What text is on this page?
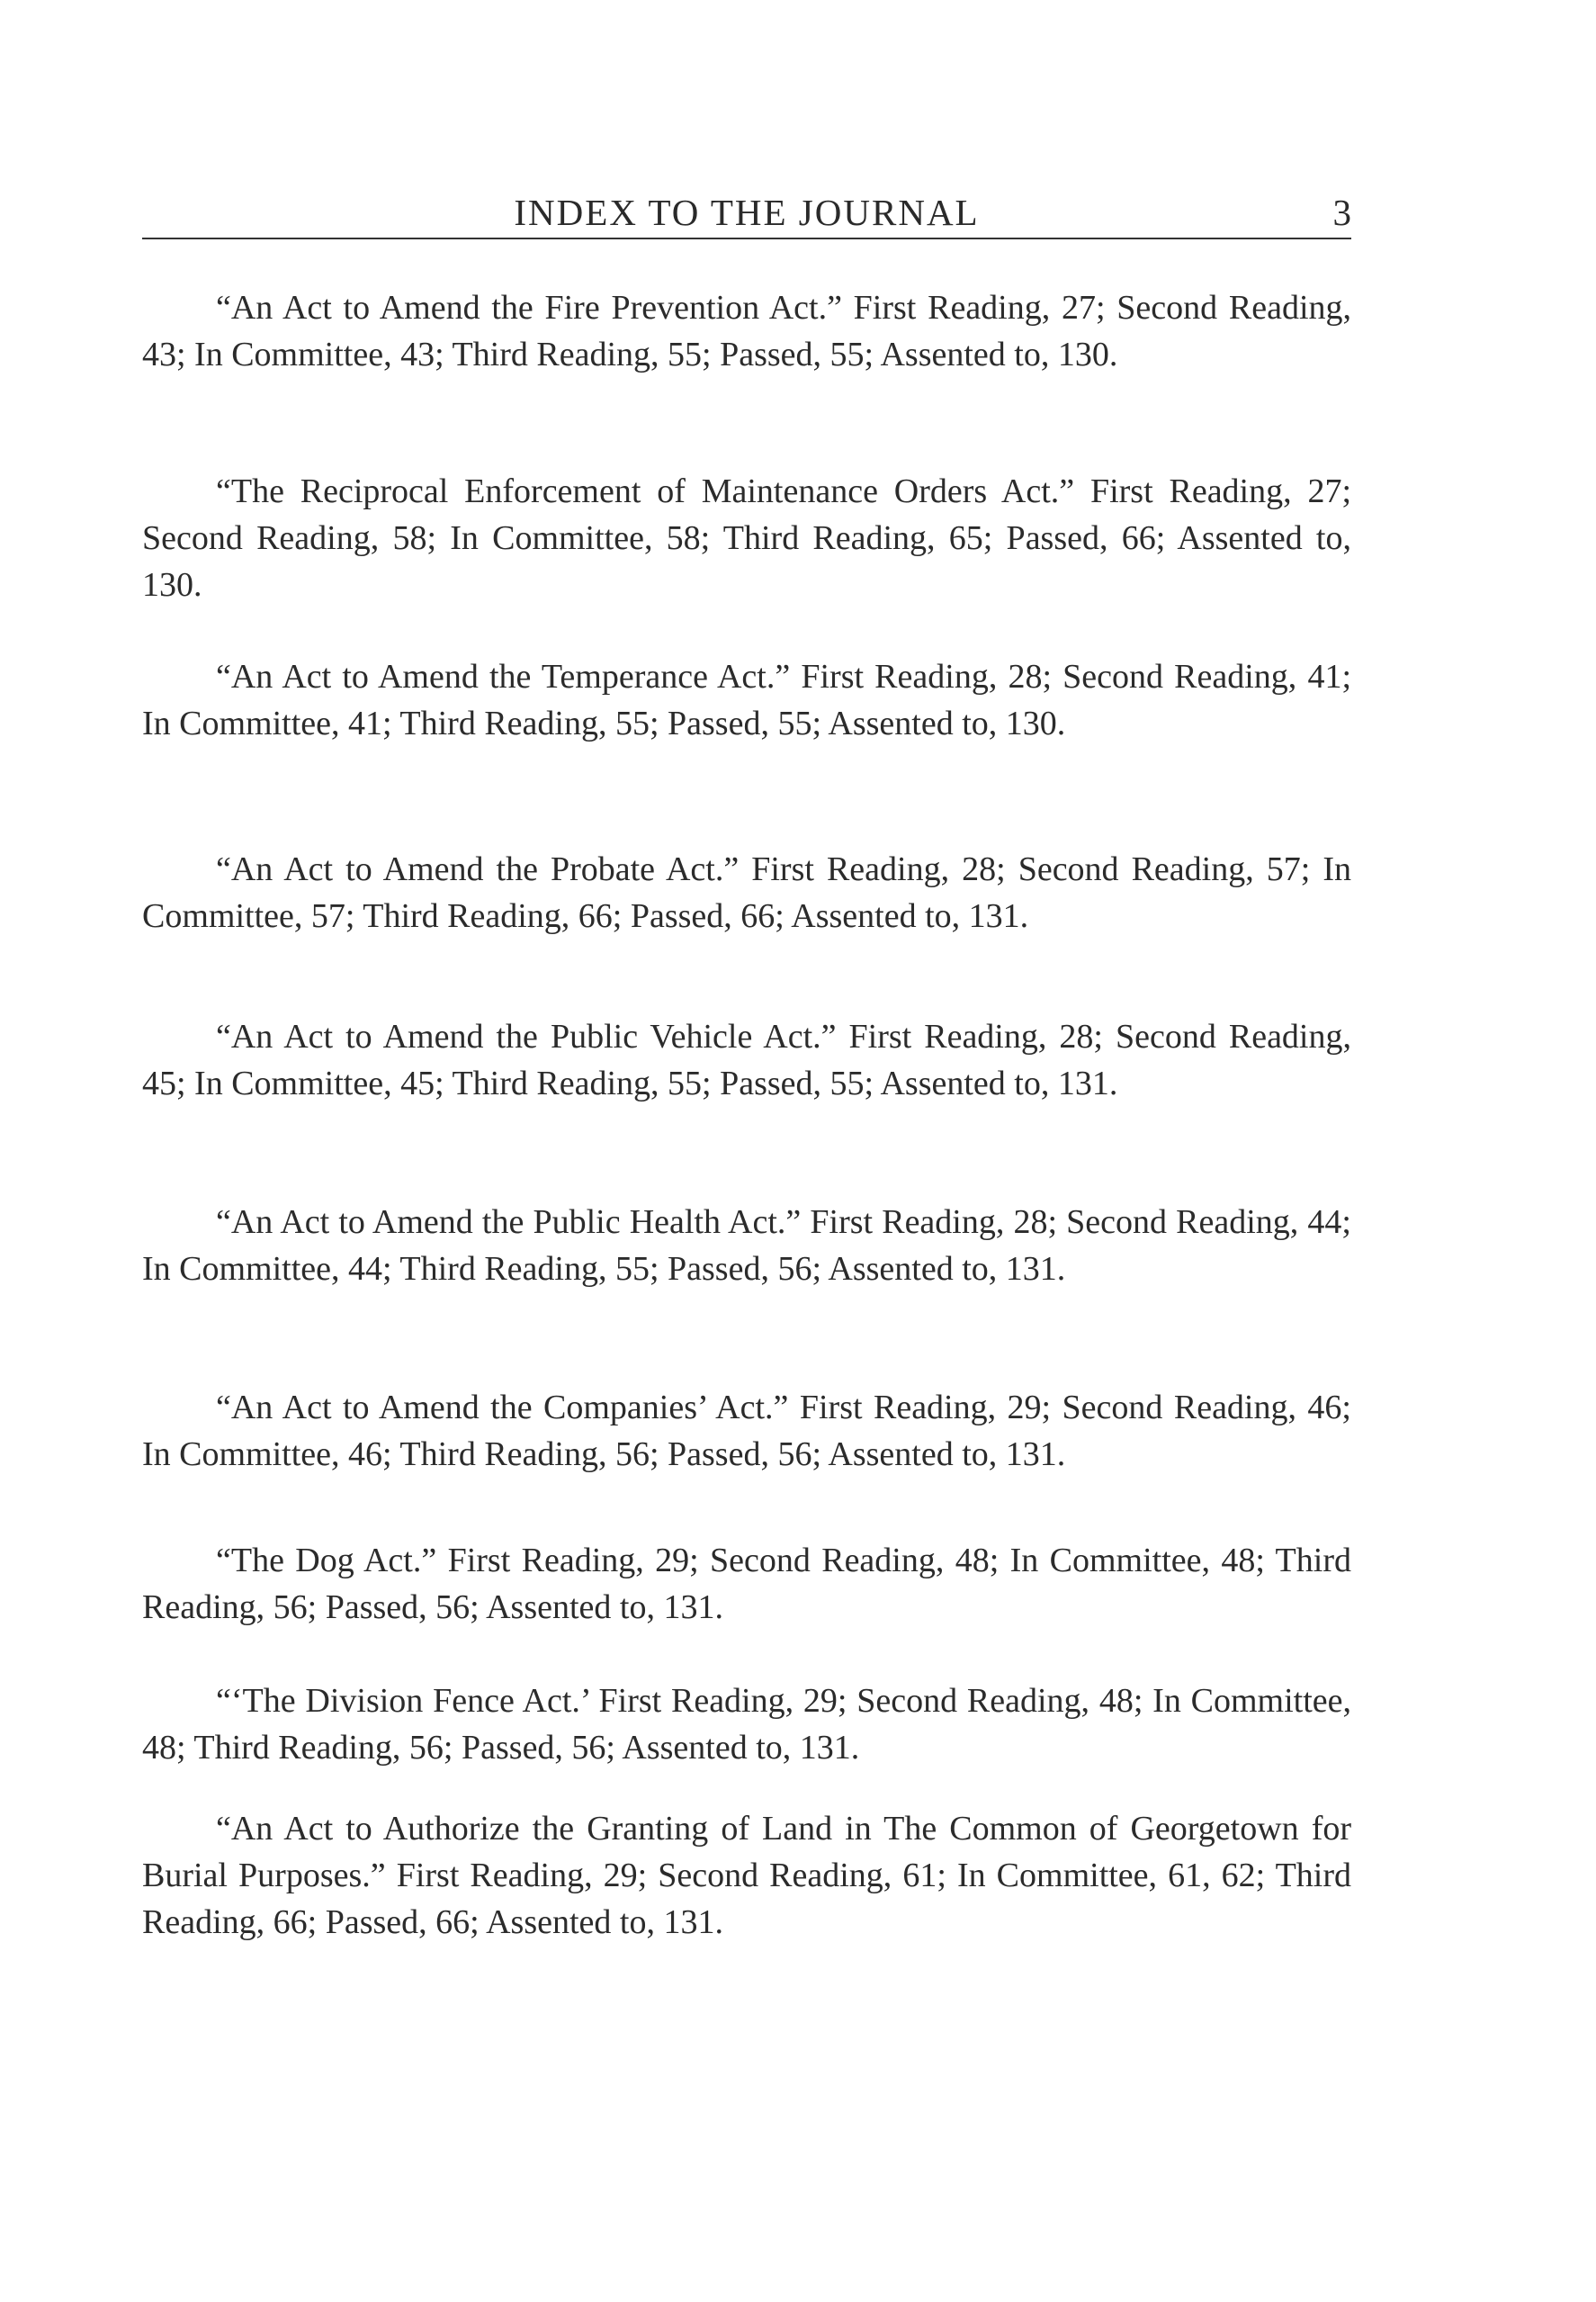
INDEX TO THE JOURNAL	3

“An Act to Amend the Fire Prevention Act.” First Reading, 27; Second Reading, 43; In Committee, 43; Third Reading, 55; Passed, 55; Assented to, 130.

“The Reciprocal Enforcement of Maintenance Orders Act.” First Reading, 27; Second Reading, 58; In Committee, 58; Third Reading, 65; Passed, 66; Assented to, 130.

“An Act to Amend the Temperance Act.” First Reading, 28; Second Reading, 41; In Committee, 41; Third Reading, 55; Passed, 55; Assented to, 130.

“An Act to Amend the Probate Act.” First Reading, 28; Second Reading, 57; In Committee, 57; Third Reading, 66; Passed, 66; Assented to, 131.

“An Act to Amend the Public Vehicle Act.” First Reading, 28; Second Reading, 45; In Committee, 45; Third Reading, 55; Passed, 55; Assented to, 131.

“An Act to Amend the Public Health Act.” First Reading, 28; Second Reading, 44; In Committee, 44; Third Reading, 55; Passed, 56; Assented to, 131.

“An Act to Amend the Companies’ Act.” First Reading, 29; Second Reading, 46; In Committee, 46; Third Reading, 56; Passed, 56; Assented to, 131.

“The Dog Act.” First Reading, 29; Second Reading, 48; In Committee, 48; Third Reading, 56; Passed, 56; Assented to, 131.

“‘The Division Fence Act.’ First Reading, 29; Second Reading, 48; In Committee, 48; Third Reading, 56; Passed, 56; Assented to, 131.

“An Act to Authorize the Granting of Land in The Common of Georgetown for Burial Purposes.” First Reading, 29; Second Reading, 61; In Committee, 61, 62; Third Reading, 66; Passed, 66; Assented to, 131.
